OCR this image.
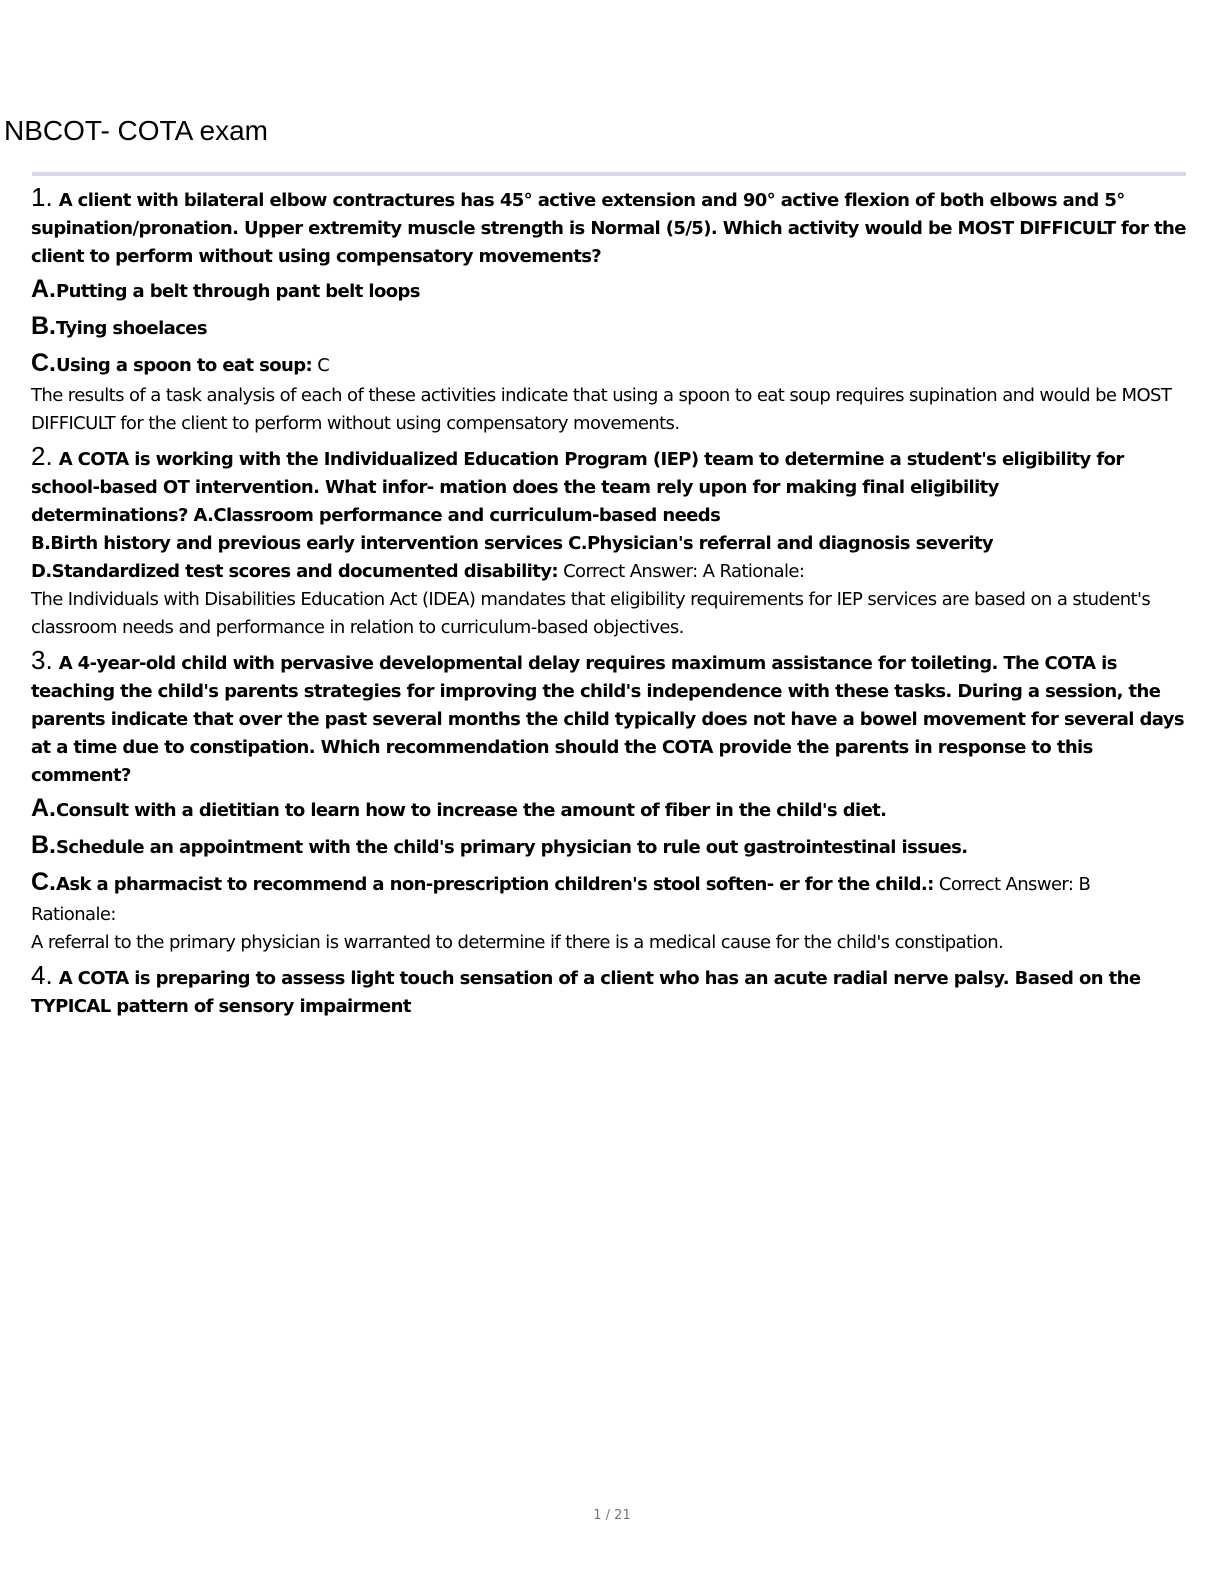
NBCOT- COTA exam
1. A client with bilateral elbow contractures has 45° active extension and 90° active flexion of both elbows and 5° supination/pronation. Upper extremity muscle strength is Normal (5/5). Which activity would be MOST DIFFICULT for the client to perform without using compensatory movements?
A.Putting a belt through pant belt loops
B.Tying shoelaces
C.Using a spoon to eat soup: C
The results of a task analysis of each of these activities indicate that using a spoon to eat soup requires supination and would be MOST DIFFICULT for the client to perform without using compensatory movements.
2. A COTA is working with the Individualized Education Program (IEP) team to determine a student's eligibility for
school-based OT intervention. What infor- mation does the team rely upon for making final eligibility
determinations? A.Classroom performance and curriculum-based needs
B.Birth history and previous early intervention services C.Physician's referral and diagnosis severity
D.Standardized test scores and documented disability: Correct Answer: A Rationale:
The Individuals with Disabilities Education Act (IDEA) mandates that eligibility requirements for IEP services are based on a student's classroom needs and performance in relation to curriculum-based objectives.
3. A 4-year-old child with pervasive developmental delay requires maximum assistance for toileting. The COTA is teaching the child's parents strategies for improving the child's independence with these tasks. During a session, the parents indicate that over the past several months the child typically does not have a bowel movement for several days at a time due to constipation. Which recommendation should the COTA provide the parents in response to this comment?
A.Consult with a dietitian to learn how to increase the amount of fiber in the child's diet.
B.Schedule an appointment with the child's primary physician to rule out gastrointestinal issues.
C.Ask a pharmacist to recommend a non-prescription children's stool soften- er for the child.: Correct Answer: B
Rationale:
A referral to the primary physician is warranted to determine if there is a medical cause for the child's constipation.
4. A COTA is preparing to assess light touch sensation of a client who has an acute radial nerve palsy. Based on the TYPICAL pattern of sensory impairment
1 / 21
